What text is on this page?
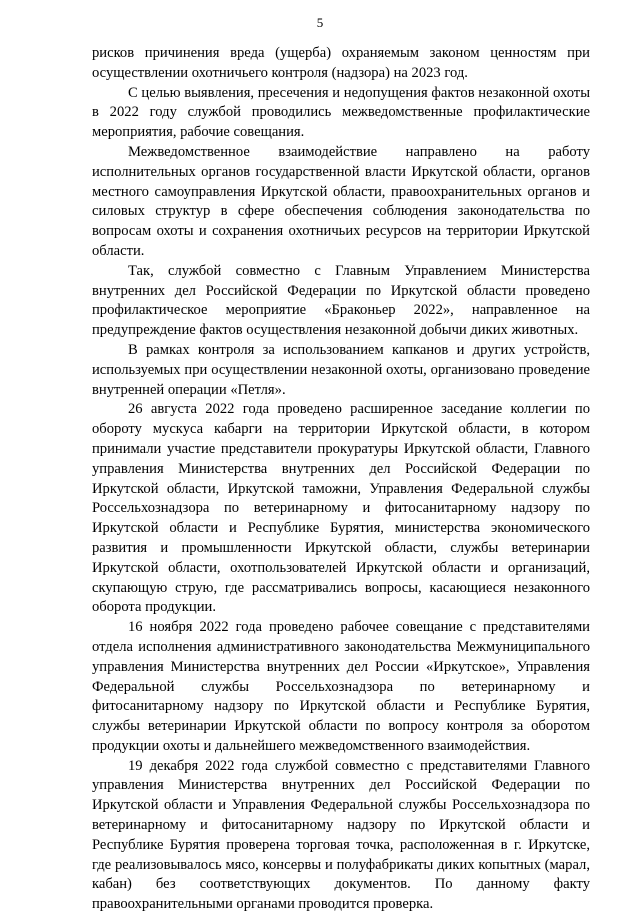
5

рисков причинения вреда (ущерба) охраняемым законом ценностям при осуществлении охотничьего контроля (надзора) на 2023 год.

С целью выявления, пресечения и недопущения фактов незаконной охоты в 2022 году службой проводились межведомственные профилактические мероприятия, рабочие совещания.

Межведомственное взаимодействие направлено на работу исполнительных органов государственной власти Иркутской области, органов местного самоуправления Иркутской области, правоохранительных органов и силовых структур в сфере обеспечения соблюдения законодательства по вопросам охоты и сохранения охотничьих ресурсов на территории Иркутской области.

Так, службой совместно с Главным Управлением Министерства внутренних дел Российской Федерации по Иркутской области проведено профилактическое мероприятие «Браконьер 2022», направленное на предупреждение фактов осуществления незаконной добычи диких животных.

В рамках контроля за использованием капканов и других устройств, используемых при осуществлении незаконной охоты, организовано проведение внутренней операции «Петля».

26 августа 2022 года проведено расширенное заседание коллегии по обороту мускуса кабарги на территории Иркутской области, в котором принимали участие представители прокуратуры Иркутской области, Главного управления Министерства внутренних дел Российской Федерации по Иркутской области, Иркутской таможни, Управления Федеральной службы Россельхознадзора по ветеринарному и фитосанитарному надзору по Иркутской области и Республике Бурятия, министерства экономического развития и промышленности Иркутской области, службы ветеринарии Иркутской области, охотпользователей Иркутской области и организаций, скупающую струю, где рассматривались вопросы, касающиеся незаконного оборота продукции.

16 ноября 2022 года проведено рабочее совещание с представителями отдела исполнения административного законодательства Межмуниципального управления Министерства внутренних дел России «Иркутское», Управления Федеральной службы Россельхознадзора по ветеринарному и фитосанитарному надзору по Иркутской области и Республике Бурятия, службы ветеринарии Иркутской области по вопросу контроля за оборотом продукции охоты и дальнейшего межведомственного взаимодействия.

19 декабря 2022 года службой совместно с представителями Главного управления Министерства внутренних дел Российской Федерации по Иркутской области и Управления Федеральной службы Россельхознадзора по ветеринарному и фитосанитарному надзору по Иркутской области и Республике Бурятия проверена торговая точка, расположенная в г. Иркутске, где реализовывалось мясо, консервы и полуфабрикаты диких копытных (марал, кабан) без соответствующих документов. По данному факту правоохранительными органами проводится проверка.
